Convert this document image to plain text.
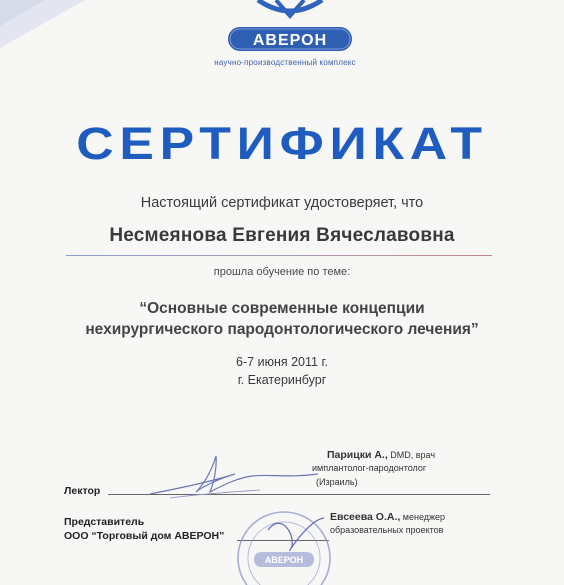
АВЕРОН
научно-производственный комплекс
СЕРТИФИКАТ
Настоящий сертификат удостоверяет, что
Несмеянова Евгения Вячеславовна
прошла обучение по теме:
“Основные современные концепции
нехирургического пародонтологического лечения”
6-7 июня 2011 г.
г. Екатеринбург
Парицки А., DMD, врач
имплантолог-пародонтолог
(Израиль)
Лектор
Евсеева О.А., менеджер
образовательных проектов
Представитель
ООО “Торговый дом АВЕРОН”
АВЕРОН
